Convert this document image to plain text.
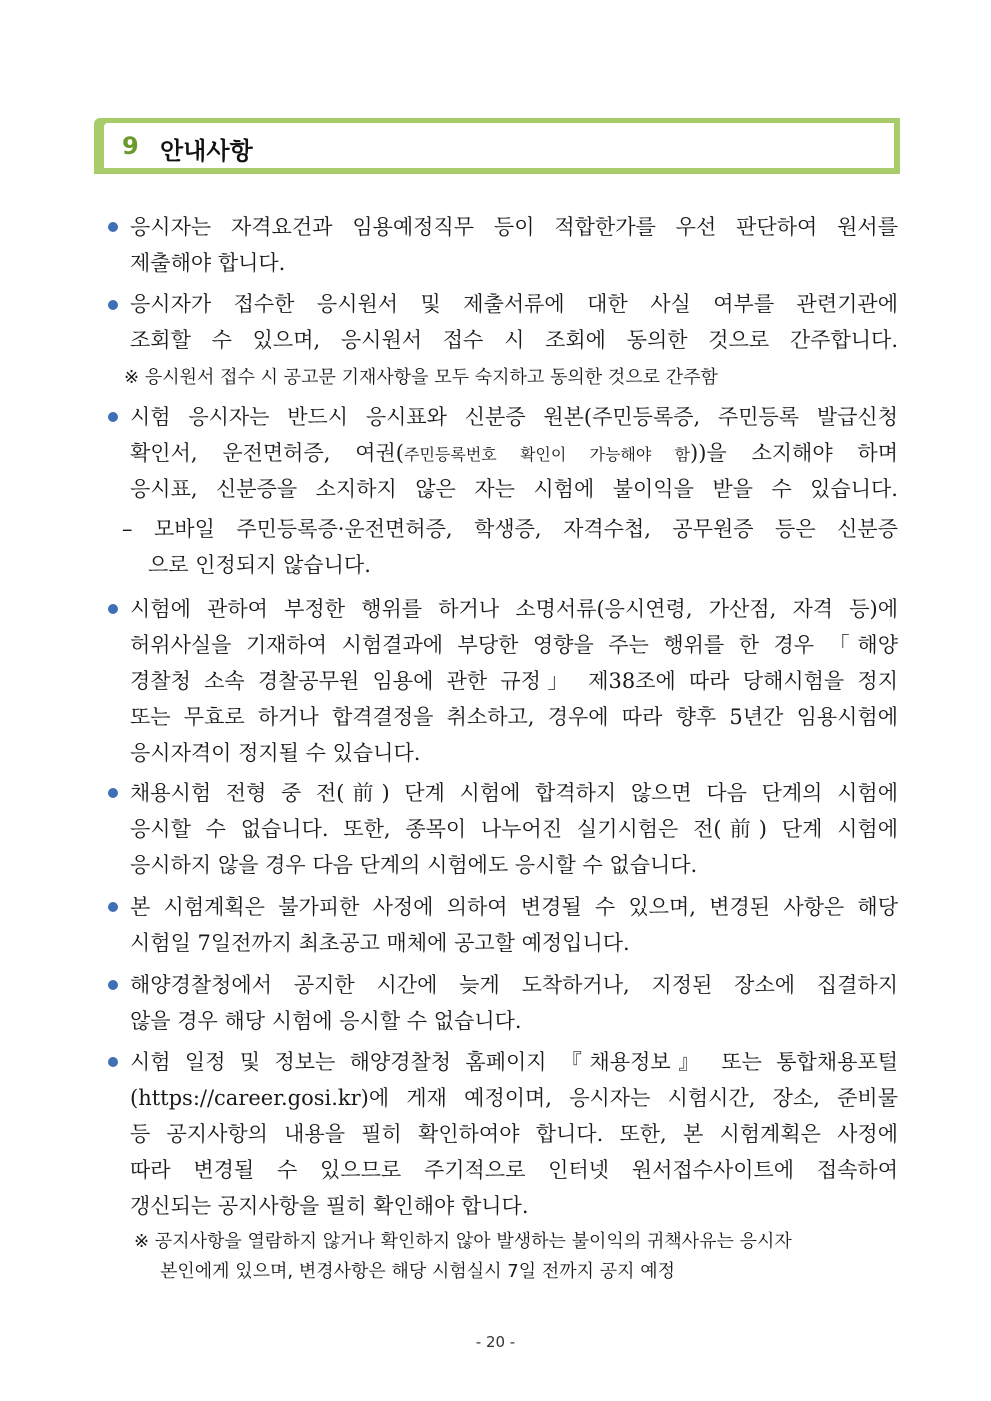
9 안내사항
응시자는 자격요건과 임용예정직무 등이 적합한가를 우선 판단하여 원서를
제출해야 합니다.
응시자가 접수한 응시원서 및 제출서류에 대한 사실 여부를 관련기관에
조회할 수 있으며, 응시원서 접수 시 조회에 동의한 것으로 간주합니다.
※ 응시원서 접수 시 공고문 기재사항을 모두 숙지하고 동의한 것으로 간주함
시험 응시자는 반드시 응시표와 신분증 원본(주민등록증, 주민등록 발급신청
확인서, 운전면허증, 여권(주민등록번호 확인이 가능해야 함))을 소지해야 하며
응시표, 신분증을 소지하지 않은 자는 시험에 불이익을 받을 수 있습니다.
– 모바일 주민등록증·운전면허증, 학생증, 자격수첩, 공무원증 등은 신분증
으로 인정되지 않습니다.
시험에 관하여 부정한 행위를 하거나 소명서류(응시연령, 가산점, 자격 등)에
허위사실을 기재하여 시험결과에 부당한 영향을 주는 행위를 한 경우 「해양
경찰청 소속 경찰공무원 임용에 관한 규정」 제38조에 따라 당해시험을 정지
또는 무효로 하거나 합격결정을 취소하고, 경우에 따라 향후 5년간 임용시험에
응시자격이 정지될 수 있습니다.
채용시험 전형 중 전(前) 단계 시험에 합격하지 않으면 다음 단계의 시험에
응시할 수 없습니다. 또한, 종목이 나누어진 실기시험은 전(前) 단계 시험에
응시하지 않을 경우 다음 단계의 시험에도 응시할 수 없습니다.
본 시험계획은 불가피한 사정에 의하여 변경될 수 있으며, 변경된 사항은 해당
시험일 7일전까지 최초공고 매체에 공고할 예정입니다.
해양경찰청에서 공지한 시간에 늦게 도착하거나, 지정된 장소에 집결하지
않을 경우 해당 시험에 응시할 수 없습니다.
시험 일정 및 정보는 해양경찰청 홈페이지 『채용정보』 또는 통합채용포털
(https://career.gosi.kr)에 게재 예정이며, 응시자는 시험시간, 장소, 준비물
등 공지사항의 내용을 필히 확인하여야 합니다. 또한, 본 시험계획은 사정에
따라 변경될 수 있으므로 주기적으로 인터넷 원서접수사이트에 접속하여
갱신되는 공지사항을 필히 확인해야 합니다.
※ 공지사항을 열람하지 않거나 확인하지 않아 발생하는 불이익의 귀책사유는 응시자
본인에게 있으며, 변경사항은 해당 시험실시 7일 전까지 공지 예정
- 20 -
